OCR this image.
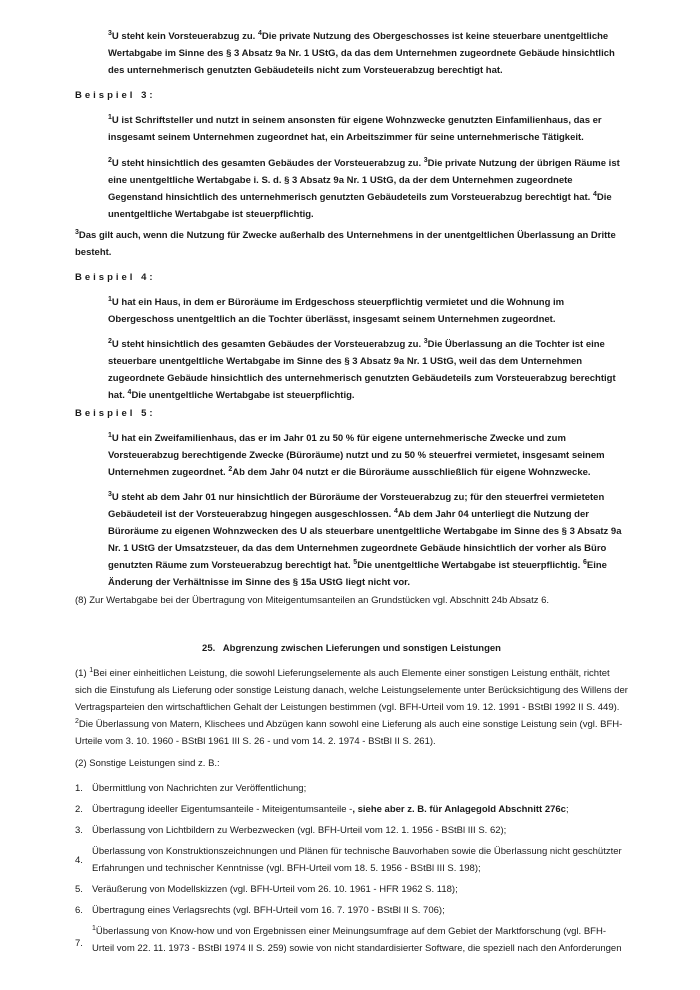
$^3$U steht kein Vorsteuerabzug zu. $^4$Die private Nutzung des Obergeschosses ist keine steuerbare unentgeltliche Wertabgabe im Sinne des § 3 Absatz 9a Nr. 1 UStG, da das dem Unternehmen zugeordnete Gebäude hinsichtlich des unternehmerisch genutzten Gebäudeteils nicht zum Vorsteuerabzug berechtigt hat.

Beispiel 3:

$^1$U ist Schriftsteller und nutzt in seinem ansonsten für eigene Wohnzwecke genutzten Einfamilienhaus, das er insgesamt seinem Unternehmen zugeordnet hat, ein Arbeitszimmer für seine unternehmerische Tätigkeit.

$^2$U steht hinsichtlich des gesamten Gebäudes der Vorsteuerabzug zu. $^3$Die private Nutzung der übrigen Räume ist eine unentgeltliche Wertabgabe i. S. d. § 3 Absatz 9a Nr. 1 UStG, da der dem Unternehmen zugeordnete Gegenstand hinsichtlich des unternehmerisch genutzten Gebäudeteils zum Vorsteuerabzug berechtigt hat. $^4$Die unentgeltliche Wertabgabe ist steuerpflichtig.

$^3$Das gilt auch, wenn die Nutzung für Zwecke außerhalb des Unternehmens in der unentgeltlichen Überlassung an Dritte besteht.

Beispiel 4:

$^1$U hat ein Haus, in dem er Büroräume im Erdgeschoss steuerpflichtig vermietet und die Wohnung im Obergeschoss unentgeltlich an die Tochter überlässt, insgesamt seinem Unternehmen zugeordnet.

$^2$U steht hinsichtlich des gesamten Gebäudes der Vorsteuerabzug zu. $^3$Die Überlassung an die Tochter ist eine steuerbare unentgeltliche Wertabgabe im Sinne des § 3 Absatz 9a Nr. 1 UStG, weil das dem Unternehmen zugeordnete Gebäude hinsichtlich des unternehmerisch genutzten Gebäudeteils zum Vorsteuerabzug berechtigt hat. $^4$Die unentgeltliche Wertabgabe ist steuerpflichtig.

Beispiel 5:

$^1$U hat ein Zweifamilienhaus, das er im Jahr 01 zu 50 % für eigene unternehmerische Zwecke und zum Vorsteuerabzug berechtigende Zwecke (Büroräume) nutzt und zu 50 % steuerfrei vermietet, insgesamt seinem Unternehmen zugeordnet. $^2$Ab dem Jahr 04 nutzt er die Büroräume ausschließlich für eigene Wohnzwecke.

$^3$U steht ab dem Jahr 01 nur hinsichtlich der Büroräume der Vorsteuerabzug zu; für den steuerfrei vermieteten Gebäudeteil ist der Vorsteuerabzug hingegen ausgeschlossen. $^4$Ab dem Jahr 04 unterliegt die Nutzung der Büroräume zu eigenen Wohnzwecken des U als steuerbare unentgeltliche Wertabgabe im Sinne des § 3 Absatz 9a Nr. 1 UStG der Umsatzsteuer, da das dem Unternehmen zugeordnete Gebäude hinsichtlich der vorher als Büro genutzten Räume zum Vorsteuerabzug berechtigt hat. $^5$Die unentgeltliche Wertabgabe ist steuerpflichtig. $^6$Eine Änderung der Verhältnisse im Sinne des § 15a UStG liegt nicht vor.

(8) Zur Wertabgabe bei der Übertragung von Miteigentumsanteilen an Grundstücken vgl. Abschnitt 24b Absatz 6.

25.   Abgrenzung zwischen Lieferungen und sonstigen Leistungen

(1) $^1$Bei einer einheitlichen Leistung, die sowohl Lieferungselemente als auch Elemente einer sonstigen Leistung enthält, richtet sich die Einstufung als Lieferung oder sonstige Leistung danach, welche Leistungselemente unter Berücksichtigung des Willens der Vertragsparteien den wirtschaftlichen Gehalt der Leistungen bestimmen (vgl. BFH-Urteil vom 19. 12. 1991 - BStBl 1992 II S. 449). $^2$Die Überlassung von Matern, Klischees und Abzügen kann sowohl eine Lieferung als auch eine sonstige Leistung sein (vgl. BFH-Urteile vom 3. 10. 1960 - BStBl 1961 III S. 26 - und vom 14. 2. 1974 - BStBl II S. 261).

(2) Sonstige Leistungen sind z. B.:

1. Übermittlung von Nachrichten zur Veröffentlichung;
2. Übertragung ideeller Eigentumsanteile - Miteigentumsanteile -, siehe aber z. B. für Anlagegold Abschnitt 276c;
3. Überlassung von Lichtbildern zu Werbezwecken (vgl. BFH-Urteil vom 12. 1. 1956 - BStBl III S. 62);
4.
Überlassung von Konstruktionszeichnungen und Plänen für technische Bauvorhaben sowie die Überlassung nicht geschützter Erfahrungen und technischer Kenntnisse (vgl. BFH-Urteil vom 18. 5. 1956 - BStBl III S. 198);
5. Veräußerung von Modellskizzen (vgl. BFH-Urteil vom 26. 10. 1961 - HFR 1962 S. 118);
6. Übertragung eines Verlagsrechts (vgl. BFH-Urteil vom 16. 7. 1970 - BStBl II S. 706);
7.
$^1$Überlassung von Know-how und von Ergebnissen einer Meinungsumfrage auf dem Gebiet der Marktforschung (vgl. BFH-Urteil vom 22. 11. 1973 - BStBl 1974 II S. 259) sowie von nicht standardisierter Software, die speziell nach den Anforderungen
